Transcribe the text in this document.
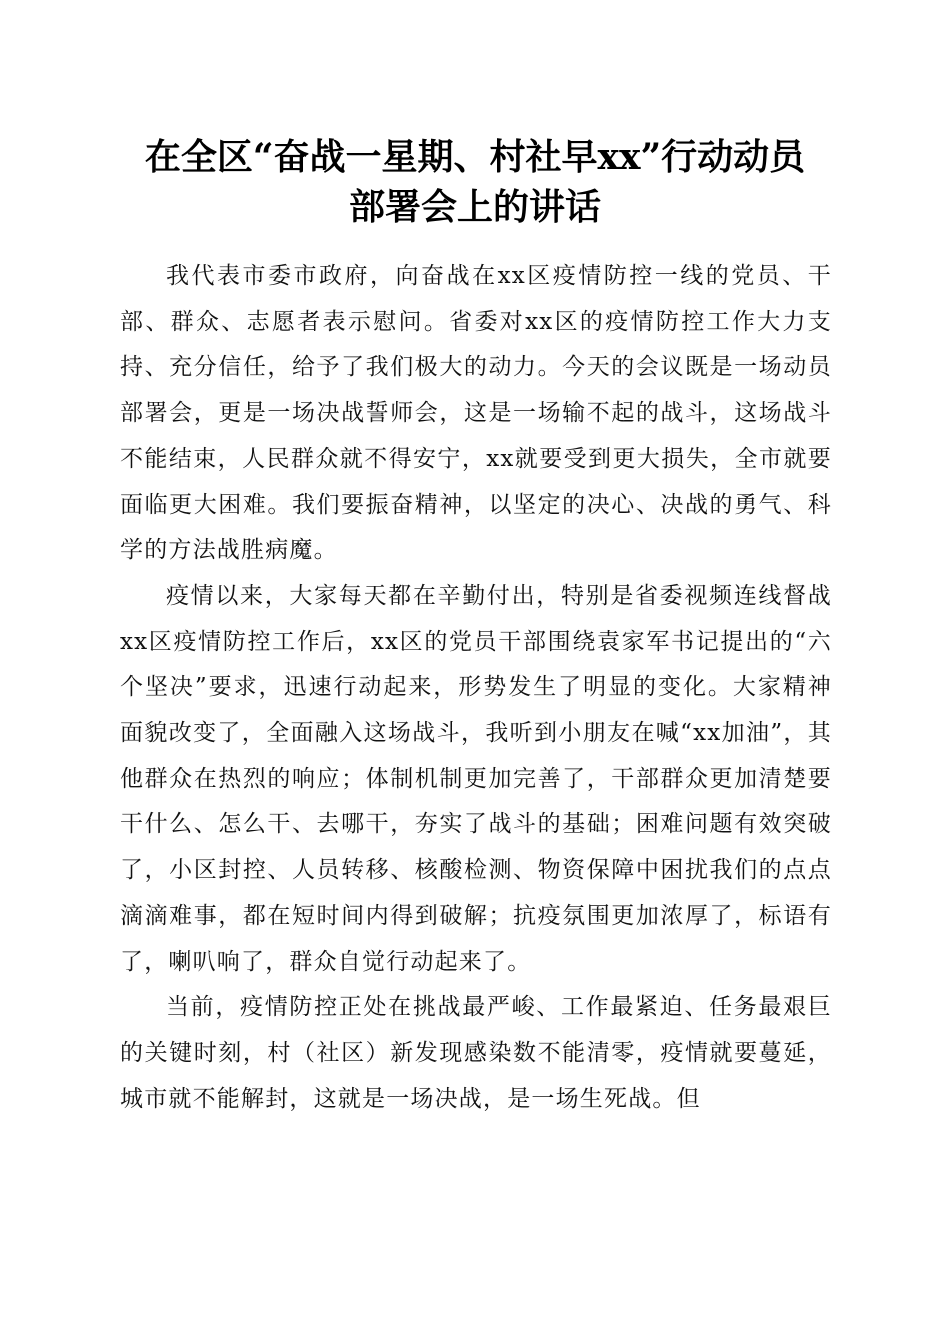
在全区“奋战一星期、村社早xx”行动动员
部署会上的讲话

我代表市委市政府，向奋战在xx区疫情防控一线的党员、干部、群众、志愿者表示慰问。省委对xx区的疫情防控工作大力支持、充分信任，给予了我们极大的动力。今天的会议既是一场动员部署会，更是一场决战誓师会，这是一场输不起的战斗，这场战斗不能结束，人民群众就不得安宁，xx就要受到更大损失，全市就要面临更大困难。我们要振奋精神，以坚定的决心、决战的勇气、科学的方法战胜病魔。

疫情以来，大家每天都在辛勤付出，特别是省委视频连线督战xx区疫情防控工作后，xx区的党员干部围绕袁家军书记提出的“六个坚决”要求，迅速行动起来，形势发生了明显的变化。大家精神面貌改变了，全面融入这场战斗，我听到小朋友在喊“xx加油”，其他群众在热烈的响应；体制机制更加完善了，干部群众更加清楚要干什么、怎么干、去哪干，夯实了战斗的基础；困难问题有效突破了，小区封控、人员转移、核酸检测、物资保障中困扰我们的点点滴滴难事，都在短时间内得到破解；抗疫氛围更加浓厚了，标语有了，喇叭响了，群众自觉行动起来了。

当前，疫情防控正处在挑战最严峻、工作最紧迫、任务最艰巨的关键时刻，村（社区）新发现感染数不能清零，疫情就要蔓延，城市就不能解封，这就是一场决战，是一场生死战。但
